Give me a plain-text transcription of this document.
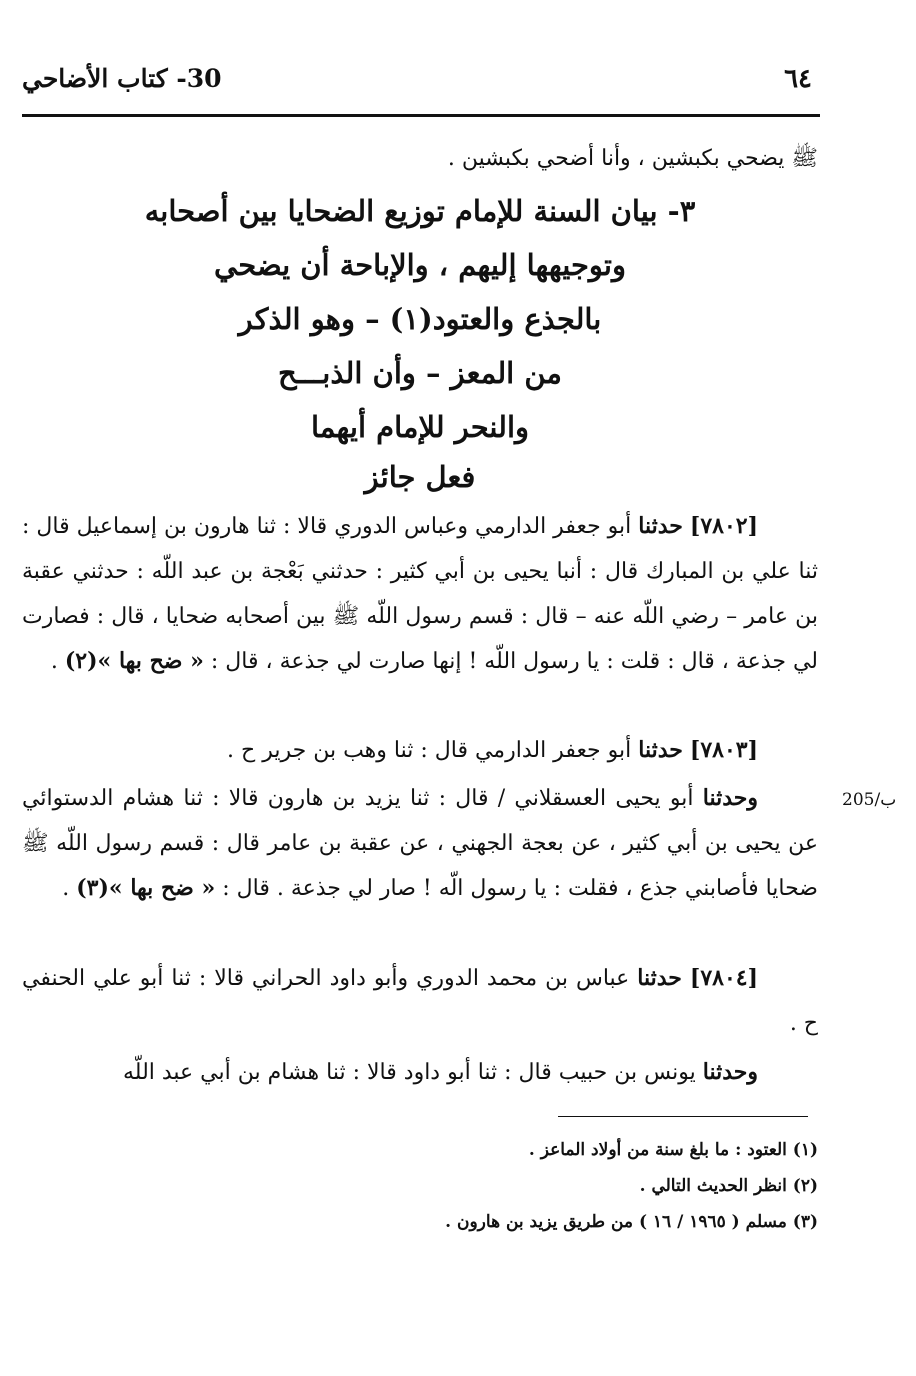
30- كتاب الأضاحي	٦٤
ﷺ يضحي بكبشين ، وأنا أضحي بكبشين .
٣- بيان السنة للإمام توزيع الضحايا بين أصحابه
وتوجيهها إليهم ، والإباحة أن يضحي
بالجذع والعتود(١) – وهو الذكر
من المعز – وأن الذبـــح
والنحر للإمام أيهما
فعل جائز
[٧٨٠٢] حدثنا أبو جعفر الدارمي وعباس الدوري قالا : ثنا هارون بن إسماعيل قال : ثنا علي بن المبارك قال : أنبا يحيى بن أبي كثير : حدثني بَعْجة بن عبد اللّه : حدثني عقبة بن عامر – رضي اللّه عنه – قال : قسم رسول اللّه ﷺ بين أصحابه ضحايا ، قال : فصارت لي جذعة ، قال : قلت : يا رسول اللّه ! إنها صارت لي جذعة ، قال : « ضح بها »(٢) .
[٧٨٠٣] حدثنا أبو جعفر الدارمي قال : ثنا وهب بن جرير ح .
وحدثنا أبو يحيى العسقلاني / قال : ثنا يزيد بن هارون قالا : ثنا هشام الدستوائي عن يحيى بن أبي كثير ، عن بعجة الجهني ، عن عقبة بن عامر قال : قسم رسول اللّه ﷺ ضحايا فأصابني جذع ، فقلت : يا رسول الّه ! صار لي جذعة . قال : « ضح بها »(٣) .
205/ب
[٧٨٠٤] حدثنا عباس بن محمد الدوري وأبو داود الحراني قالا : ثنا أبو علي الحنفي ح .
وحدثنا يونس بن حبيب قال : ثنا أبو داود قالا : ثنا هشام بن أبي عبد اللّه
(١) العتود : ما بلغ سنة من أولاد الماعز .
(٢) انظر الحديث التالي .
(٣) مسلم ( ١٩٦٥ / ١٦ ) من طريق يزيد بن هارون .
